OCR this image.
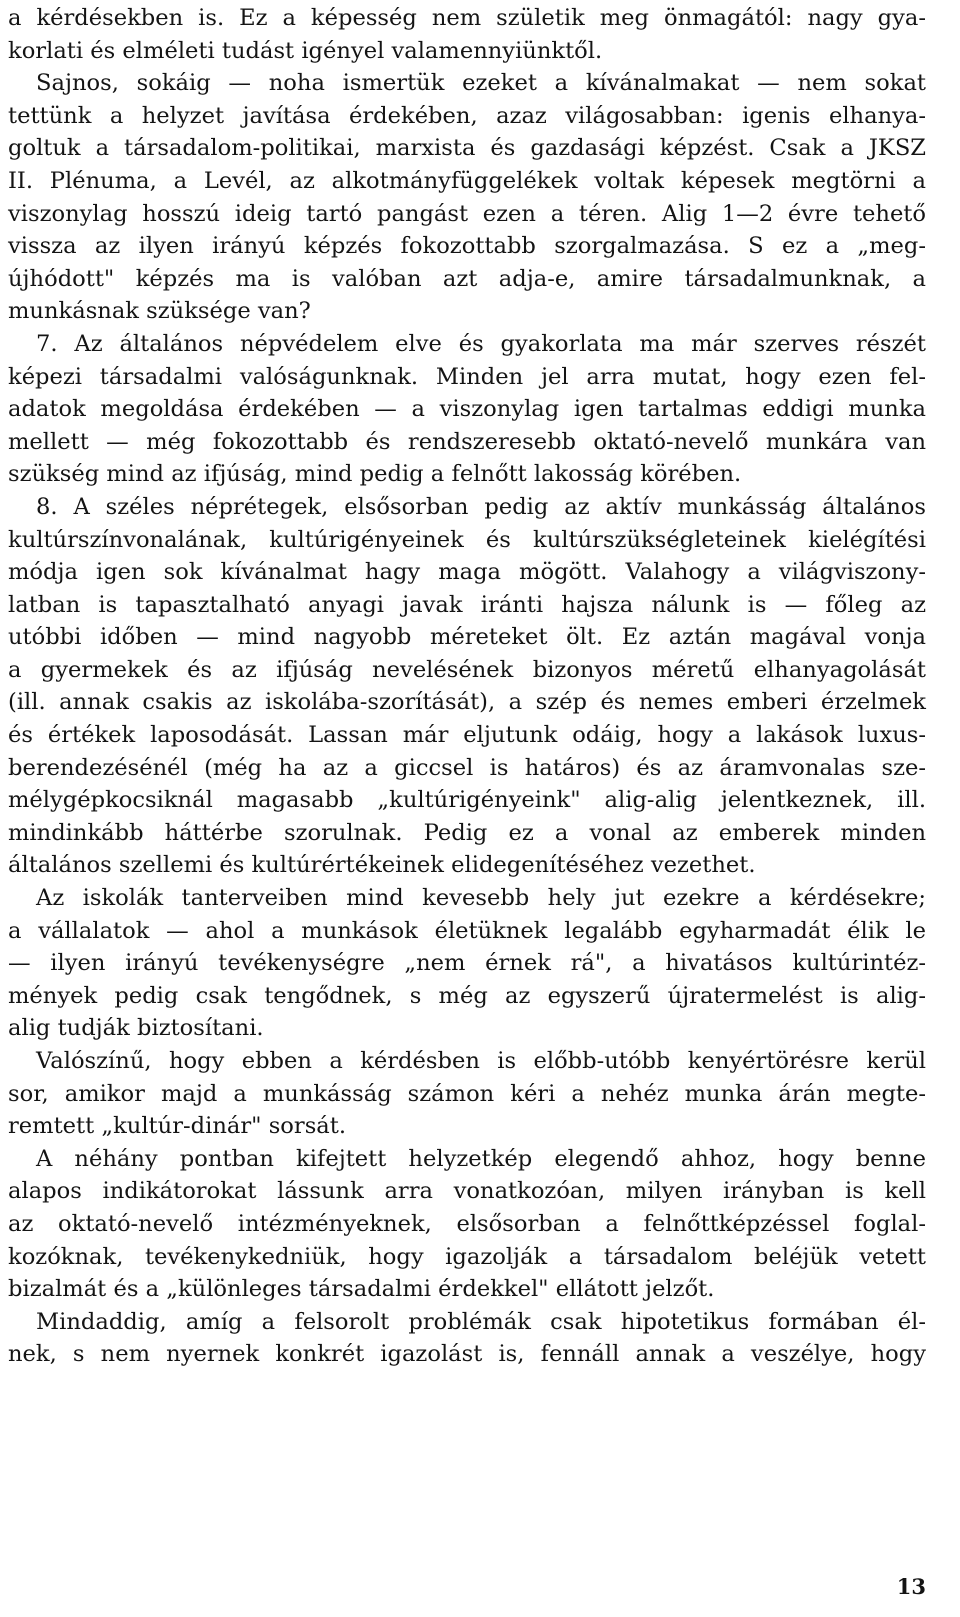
a kérdésekben is. Ez a képesség nem születik meg önmagától: nagy gya-

korlati és elméleti tudást igényel valamennyiünktől.

Sajnos, sokáig — noha ismertük ezeket a kívánalmakat — nem sokat

tettünk a helyzet javítása érdekében, azaz világosabban: igenis elhanya-

goltuk a társadalom-politikai, marxista és gazdasági képzést. Csak a JKSZ

II. Plénuma, a Levél, az alkotmányfüggelékek voltak képesek megtörni a

viszonylag hosszú ideig tartó pangást ezen a téren. Alig 1—2 évre tehető

vissza az ilyen irányú képzés fokozottabb szorgalmazása. S ez a „meg-

újhódott" képzés ma is valóban azt adja-e, amire társadalmunknak, a

munkásnak szüksége van?

7. Az általános népvédelem elve és gyakorlata ma már szerves részét

képezi társadalmi valóságunknak. Minden jel arra mutat, hogy ezen fel-

adatok megoldása érdekében — a viszonylag igen tartalmas eddigi munka

mellett — még fokozottabb és rendszeresebb oktató-nevelő munkára van

szükség mind az ifjúság, mind pedig a felnőtt lakosság körében.

8. A széles néprétegek, elsősorban pedig az aktív munkásság általános

kultúrszínvonalának, kultúrigényeinek és kultúrszükségleteinek kielégítési

módja igen sok kívánalmat hagy maga mögött. Valahogy a világviszony-

latban is tapasztalható anyagi javak iránti hajsza nálunk is — főleg az

utóbbi időben — mind nagyobb méreteket ölt. Ez aztán magával vonja

a gyermekek és az ifjúság nevelésének bizonyos méretű elhanyagolását

(ill. annak csakis az iskolába-szorítását), a szép és nemes emberi érzelmek

és értékek laposodását. Lassan már eljutunk odáig, hogy a lakások luxus-

berendezésénél (még ha az a giccsel is határos) és az áramvonalas sze-

mélygépkocsiknál magasabb „kultúrigényeink" alig-alig jelentkeznek, ill.

mindinkább háttérbe szorulnak. Pedig ez a vonal az emberek minden

általános szellemi és kultúrértékeinek elidegenítéséhez vezethet.

Az iskolák tanterveiben mind kevesebb hely jut ezekre a kérdésekre;

a vállalatok — ahol a munkások életüknek legalább egyharmadát élik le

— ilyen irányú tevékenységre „nem érnek rá", a hivatásos kultúrintéz-

mények pedig csak tengődnek, s még az egyszerű újratermelést is alig-

alig tudják biztosítani.

Valószínű, hogy ebben a kérdésben is előbb-utóbb kenyértörésre kerül

sor, amikor majd a munkásság számon kéri a nehéz munka árán megte-

remtett „kultúr-dinár" sorsát.

A néhány pontban kifejtett helyzetkép elegendő ahhoz, hogy benne

alapos indikátorokat lássunk arra vonatkozóan, milyen irányban is kell

az oktató-nevelő intézményeknek, elsősorban a felnőttképzéssel foglal-

kozóknak, tevékenykedniük, hogy igazolják a társadalom beléjük vetett

bizalmát és a „különleges társadalmi érdekkel" ellátott jelzőt.

Mindaddig, amíg a felsorolt problémák csak hipotetikus formában él-

nek, s nem nyernek konkrét igazolást is, fennáll annak a veszélye, hogy

13
